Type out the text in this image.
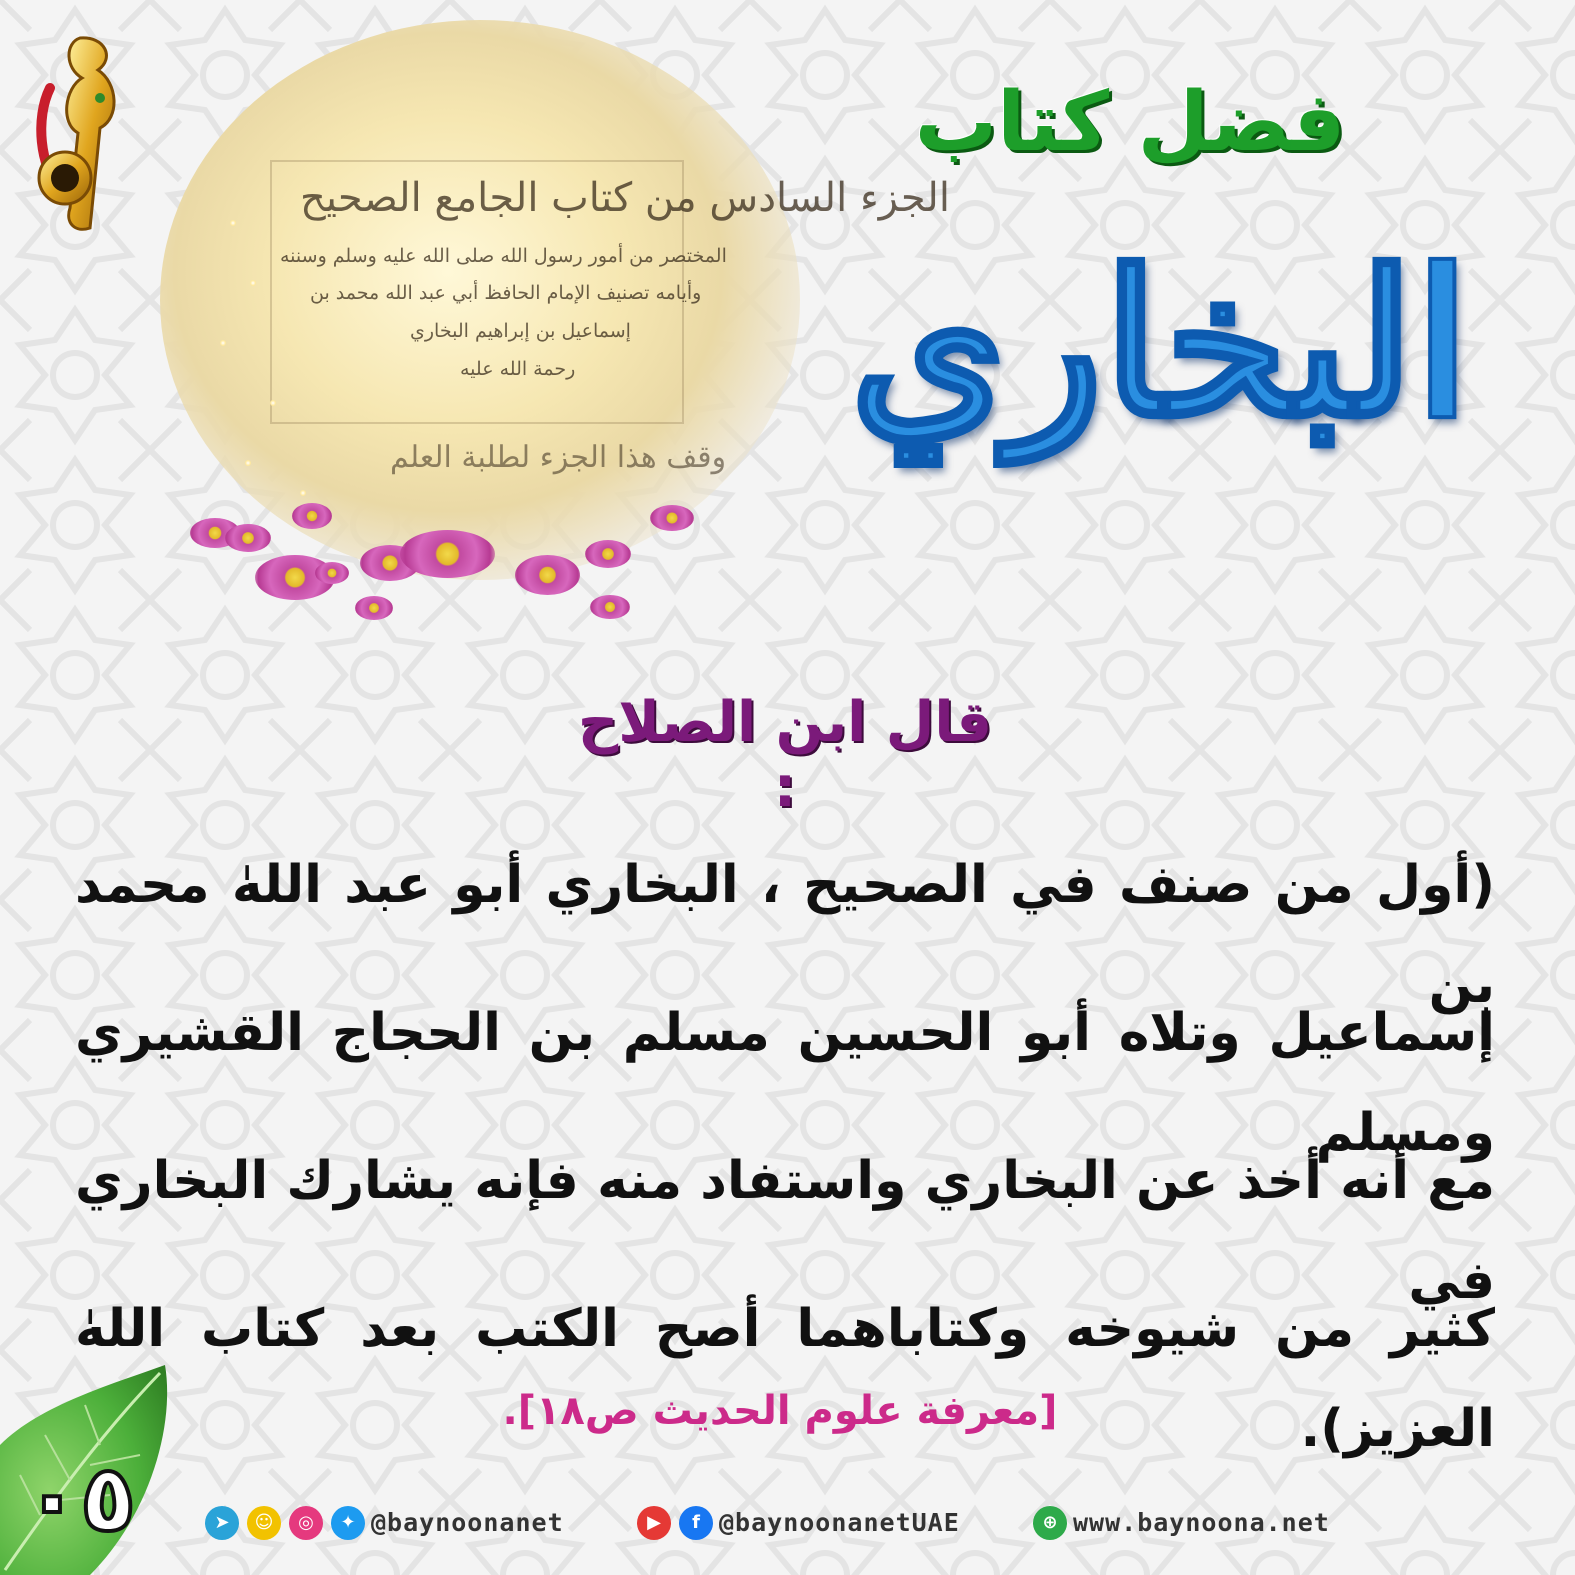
الجزء السادس من كتاب الجامع الصحيح
المختصر من أمور رسول الله صلى الله عليه وسلم وسننه
وأيامه تصنيف الإمام الحافظ أبي عبد الله محمد بن
إسماعيل بن إبراهيم البخاري
رحمة الله عليه
وقف هذا الجزء لطلبة العلم
فضل كتاب
البخاري
قال ابن الصلاح :
(أول من صنف في الصحيح ، البخاري أبو عبد اللهٰ محمد بن
إسماعيل وتلاه أبو الحسين مسلم بن الحجاج القشيري ومسلم
مع أنه أخذ عن البخاري واستفاد منه فإنه يشارك البخاري في
كثير من شيوخه وكتاباهما أصح الكتب بعد كتاب اللهٰ العزيز).
[معرفة علوم الحديث ص١٨].
٠٥	➤	☺	◎	✦ @baynoonanet	▶	f @baynoonanetUAE	⊕ www.baynoona.net
